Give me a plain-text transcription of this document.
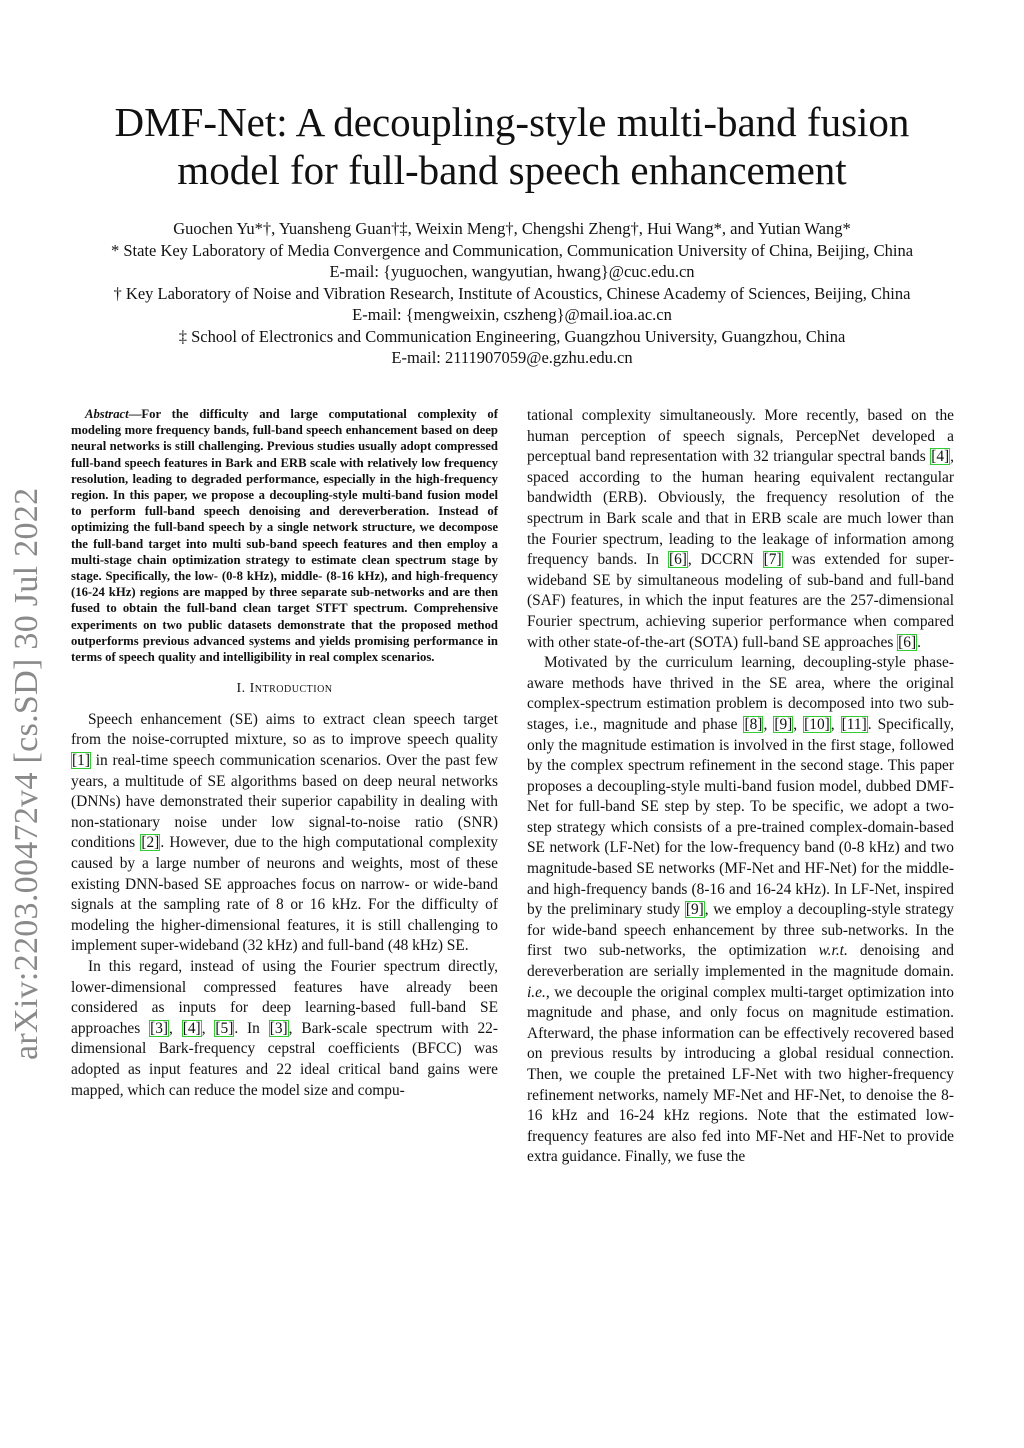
arXiv:2203.00472v4 [cs.SD] 30 Jul 2022
DMF-Net: A decoupling-style multi-band fusion
model for full-band speech enhancement
Guochen Yu*†, Yuansheng Guan†‡, Weixin Meng†, Chengshi Zheng†, Hui Wang*, and Yutian Wang*
* State Key Laboratory of Media Convergence and Communication, Communication University of China, Beijing, China
E-mail: {yuguochen, wangyutian, hwang}@cuc.edu.cn
† Key Laboratory of Noise and Vibration Research, Institute of Acoustics, Chinese Academy of Sciences, Beijing, China
E-mail: {mengweixin, cszheng}@mail.ioa.ac.cn
‡ School of Electronics and Communication Engineering, Guangzhou University, Guangzhou, China
E-mail: 2111907059@e.gzhu.edu.cn

Abstract—For the difficulty and large computational complexity of modeling more frequency bands, full-band speech enhancement based on deep neural networks is still challenging. Previous studies usually adopt compressed full-band speech features in Bark and ERB scale with relatively low frequency resolution, leading to degraded performance, especially in the high-frequency region. In this paper, we propose a decoupling-style multi-band fusion model to perform full-band speech denoising and dereverberation. Instead of optimizing the full-band speech by a single network structure, we decompose the full-band target into multi sub-band speech features and then employ a multi-stage chain optimization strategy to estimate clean spectrum stage by stage. Specifically, the low- (0-8 kHz), middle- (8-16 kHz), and high-frequency (16-24 kHz) regions are mapped by three separate sub-networks and are then fused to obtain the full-band clean target STFT spectrum. Comprehensive experiments on two public datasets demonstrate that the proposed method outperforms previous advanced systems and yields promising performance in terms of speech quality and intelligibility in real complex scenarios.

I. Introduction

Speech enhancement (SE) aims to extract clean speech target from the noise-corrupted mixture, so as to improve speech quality [1] in real-time speech communication scenarios. Over the past few years, a multitude of SE algorithms based on deep neural networks (DNNs) have demonstrated their superior capability in dealing with non-stationary noise under low signal-to-noise ratio (SNR) conditions [2]. However, due to the high computational complexity caused by a large number of neurons and weights, most of these existing DNN-based SE approaches focus on narrow- or wide-band signals at the sampling rate of 8 or 16 kHz. For the difficulty of modeling the higher-dimensional features, it is still challenging to implement super-wideband (32 kHz) and full-band (48 kHz) SE.

In this regard, instead of using the Fourier spectrum directly, lower-dimensional compressed features have already been considered as inputs for deep learning-based full-band SE approaches [3], [4], [5]. In [3], Bark-scale spectrum with 22-dimensional Bark-frequency cepstral coefficients (BFCC) was adopted as input features and 22 ideal critical band gains were mapped, which can reduce the model size and compu-

tational complexity simultaneously. More recently, based on the human perception of speech signals, PercepNet developed a perceptual band representation with 32 triangular spectral bands [4], spaced according to the human hearing equivalent rectangular bandwidth (ERB). Obviously, the frequency resolution of the spectrum in Bark scale and that in ERB scale are much lower than the Fourier spectrum, leading to the leakage of information among frequency bands. In [6], DCCRN [7] was extended for super-wideband SE by simultaneous modeling of sub-band and full-band (SAF) features, in which the input features are the 257-dimensional Fourier spectrum, achieving superior performance when compared with other state-of-the-art (SOTA) full-band SE approaches [6].

Motivated by the curriculum learning, decoupling-style phase-aware methods have thrived in the SE area, where the original complex-spectrum estimation problem is decomposed into two sub-stages, i.e., magnitude and phase [8], [9], [10], [11]. Specifically, only the magnitude estimation is involved in the first stage, followed by the complex spectrum refinement in the second stage. This paper proposes a decoupling-style multi-band fusion model, dubbed DMF-Net for full-band SE step by step. To be specific, we adopt a two-step strategy which consists of a pre-trained complex-domain-based SE network (LF-Net) for the low-frequency band (0-8 kHz) and two magnitude-based SE networks (MF-Net and HF-Net) for the middle- and high-frequency bands (8-16 and 16-24 kHz). In LF-Net, inspired by the preliminary study [9], we employ a decoupling-style strategy for wide-band speech enhancement by three sub-networks. In the first two sub-networks, the optimization w.r.t. denoising and dereverberation are serially implemented in the magnitude domain. i.e., we decouple the original complex multi-target optimization into magnitude and phase, and only focus on magnitude estimation. Afterward, the phase information can be effectively recovered based on previous results by introducing a global residual connection. Then, we couple the pretained LF-Net with two higher-frequency refinement networks, namely MF-Net and HF-Net, to denoise the 8-16 kHz and 16-24 kHz regions. Note that the estimated low-frequency features are also fed into MF-Net and HF-Net to provide extra guidance. Finally, we fuse the
